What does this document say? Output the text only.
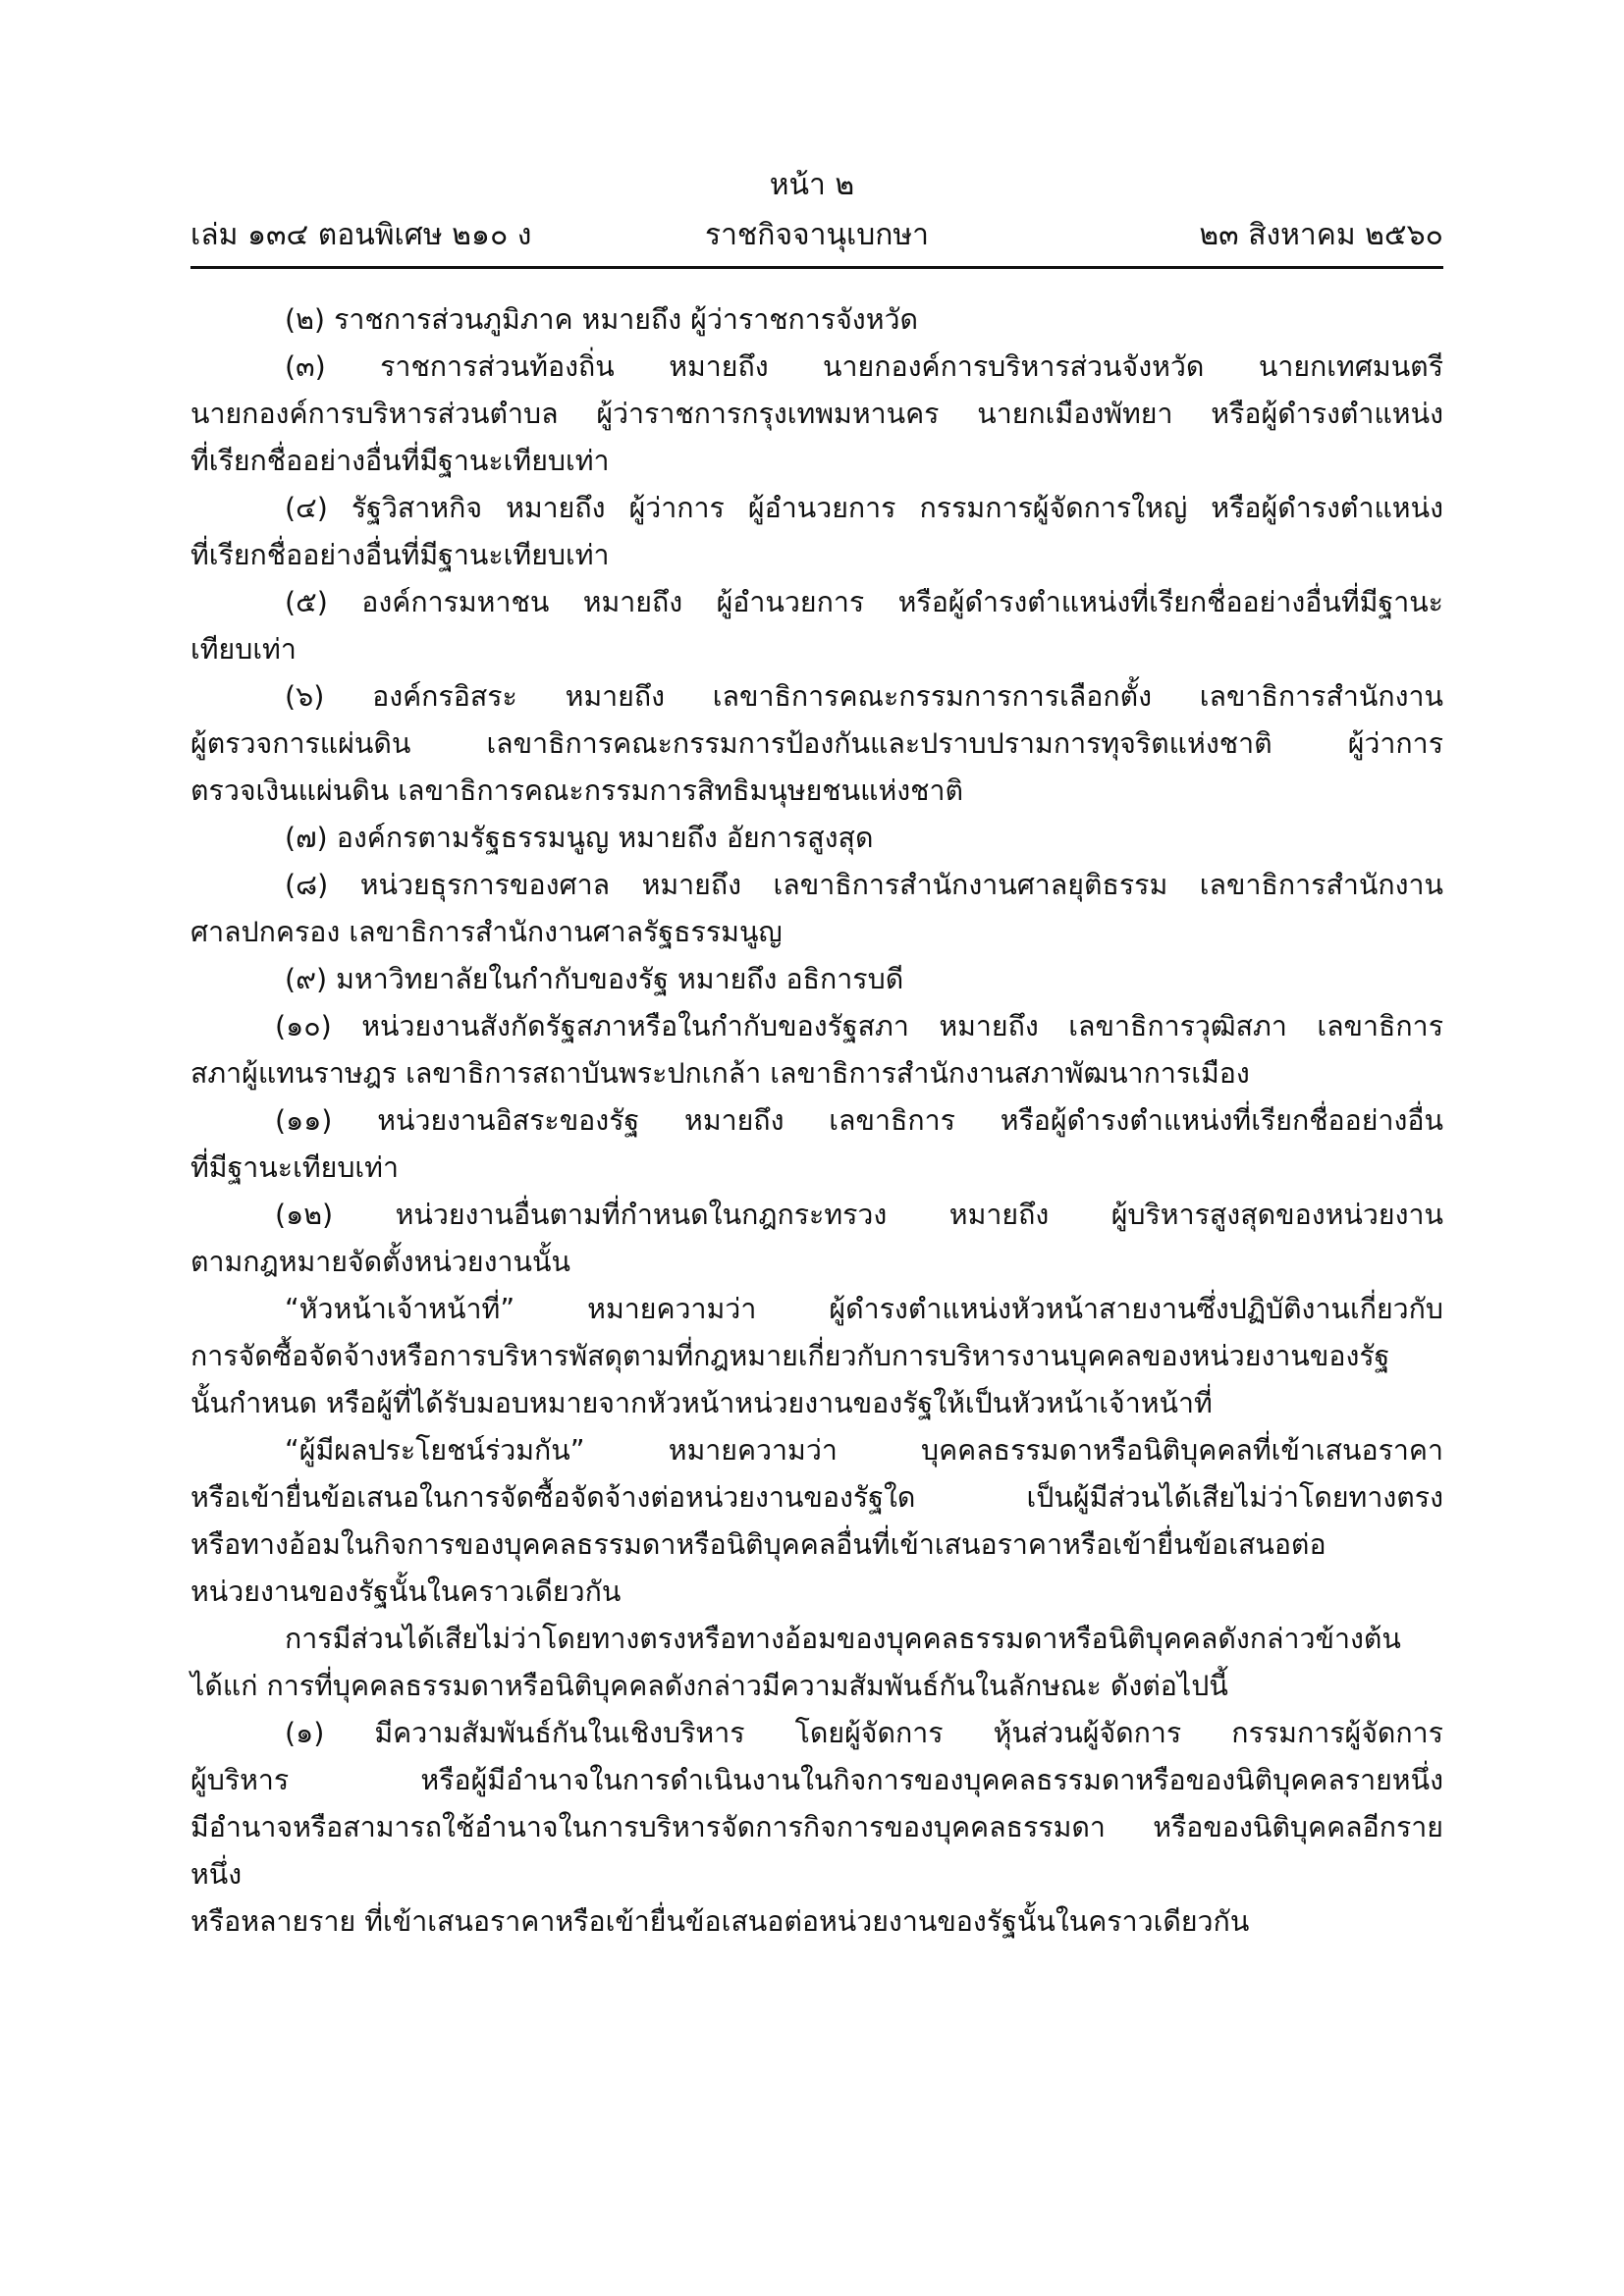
หน้า ๒
เล่ม ๑๓๔ ตอนพิเศษ ๒๑๐ ง	ราชกิจจานุเบกษา	๒๓ สิงหาคม ๒๕๖๐
(๒) ราชการส่วนภูมิภาค หมายถึง ผู้ว่าราชการจังหวัด
(๓) ราชการส่วนท้องถิ่น หมายถึง นายกองค์การบริหารส่วนจังหวัด นายกเทศมนตรี
นายกองค์การบริหารส่วนตำบล ผู้ว่าราชการกรุงเทพมหานคร นายกเมืองพัทยา หรือผู้ดำรงตำแหน่ง
ที่เรียกชื่ออย่างอื่นที่มีฐานะเทียบเท่า
(๔) รัฐวิสาหกิจ หมายถึง ผู้ว่าการ ผู้อำนวยการ กรรมการผู้จัดการใหญ่ หรือผู้ดำรงตำแหน่ง
ที่เรียกชื่ออย่างอื่นที่มีฐานะเทียบเท่า
(๕) องค์การมหาชน หมายถึง ผู้อำนวยการ หรือผู้ดำรงตำแหน่งที่เรียกชื่ออย่างอื่นที่มีฐานะ
เทียบเท่า
(๖) องค์กรอิสระ หมายถึง เลขาธิการคณะกรรมการการเลือกตั้ง เลขาธิการสำนักงาน
ผู้ตรวจการแผ่นดิน เลขาธิการคณะกรรมการป้องกันและปราบปรามการทุจริตแห่งชาติ ผู้ว่าการ
ตรวจเงินแผ่นดิน เลขาธิการคณะกรรมการสิทธิมนุษยชนแห่งชาติ
(๗) องค์กรตามรัฐธรรมนูญ หมายถึง อัยการสูงสุด
(๘) หน่วยธุรการของศาล หมายถึง เลขาธิการสำนักงานศาลยุติธรรม เลขาธิการสำนักงาน
ศาลปกครอง เลขาธิการสำนักงานศาลรัฐธรรมนูญ
(๙) มหาวิทยาลัยในกำกับของรัฐ หมายถึง อธิการบดี
(๑๐) หน่วยงานสังกัดรัฐสภาหรือในกำกับของรัฐสภา หมายถึง เลขาธิการวุฒิสภา เลขาธิการ
สภาผู้แทนราษฎร เลขาธิการสถาบันพระปกเกล้า เลขาธิการสำนักงานสภาพัฒนาการเมือง
(๑๑) หน่วยงานอิสระของรัฐ หมายถึง เลขาธิการ หรือผู้ดำรงตำแหน่งที่เรียกชื่ออย่างอื่น
ที่มีฐานะเทียบเท่า
(๑๒) หน่วยงานอื่นตามที่กำหนดในกฎกระทรวง หมายถึง ผู้บริหารสูงสุดของหน่วยงาน
ตามกฎหมายจัดตั้งหน่วยงานนั้น
“หัวหน้าเจ้าหน้าที่” หมายความว่า ผู้ดำรงตำแหน่งหัวหน้าสายงานซึ่งปฏิบัติงานเกี่ยวกับ
การจัดซื้อจัดจ้างหรือการบริหารพัสดุตามที่กฎหมายเกี่ยวกับการบริหารงานบุคคลของหน่วยงานของรัฐ
นั้นกำหนด หรือผู้ที่ได้รับมอบหมายจากหัวหน้าหน่วยงานของรัฐให้เป็นหัวหน้าเจ้าหน้าที่
“ผู้มีผลประโยชน์ร่วมกัน” หมายความว่า บุคคลธรรมดาหรือนิติบุคคลที่เข้าเสนอราคา
หรือเข้ายื่นข้อเสนอในการจัดซื้อจัดจ้างต่อหน่วยงานของรัฐใด เป็นผู้มีส่วนได้เสียไม่ว่าโดยทางตรง
หรือทางอ้อมในกิจการของบุคคลธรรมดาหรือนิติบุคคลอื่นที่เข้าเสนอราคาหรือเข้ายื่นข้อเสนอต่อ
หน่วยงานของรัฐนั้นในคราวเดียวกัน
การมีส่วนได้เสียไม่ว่าโดยทางตรงหรือทางอ้อมของบุคคลธรรมดาหรือนิติบุคคลดังกล่าวข้างต้น
ได้แก่ การที่บุคคลธรรมดาหรือนิติบุคคลดังกล่าวมีความสัมพันธ์กันในลักษณะ ดังต่อไปนี้
(๑) มีความสัมพันธ์กันในเชิงบริหาร โดยผู้จัดการ หุ้นส่วนผู้จัดการ กรรมการผู้จัดการ
ผู้บริหาร หรือผู้มีอำนาจในการดำเนินงานในกิจการของบุคคลธรรมดาหรือของนิติบุคคลรายหนึ่ง
มีอำนาจหรือสามารถใช้อำนาจในการบริหารจัดการกิจการของบุคคลธรรมดา หรือของนิติบุคคลอีกรายหนึ่ง
หรือหลายราย ที่เข้าเสนอราคาหรือเข้ายื่นข้อเสนอต่อหน่วยงานของรัฐนั้นในคราวเดียวกัน
